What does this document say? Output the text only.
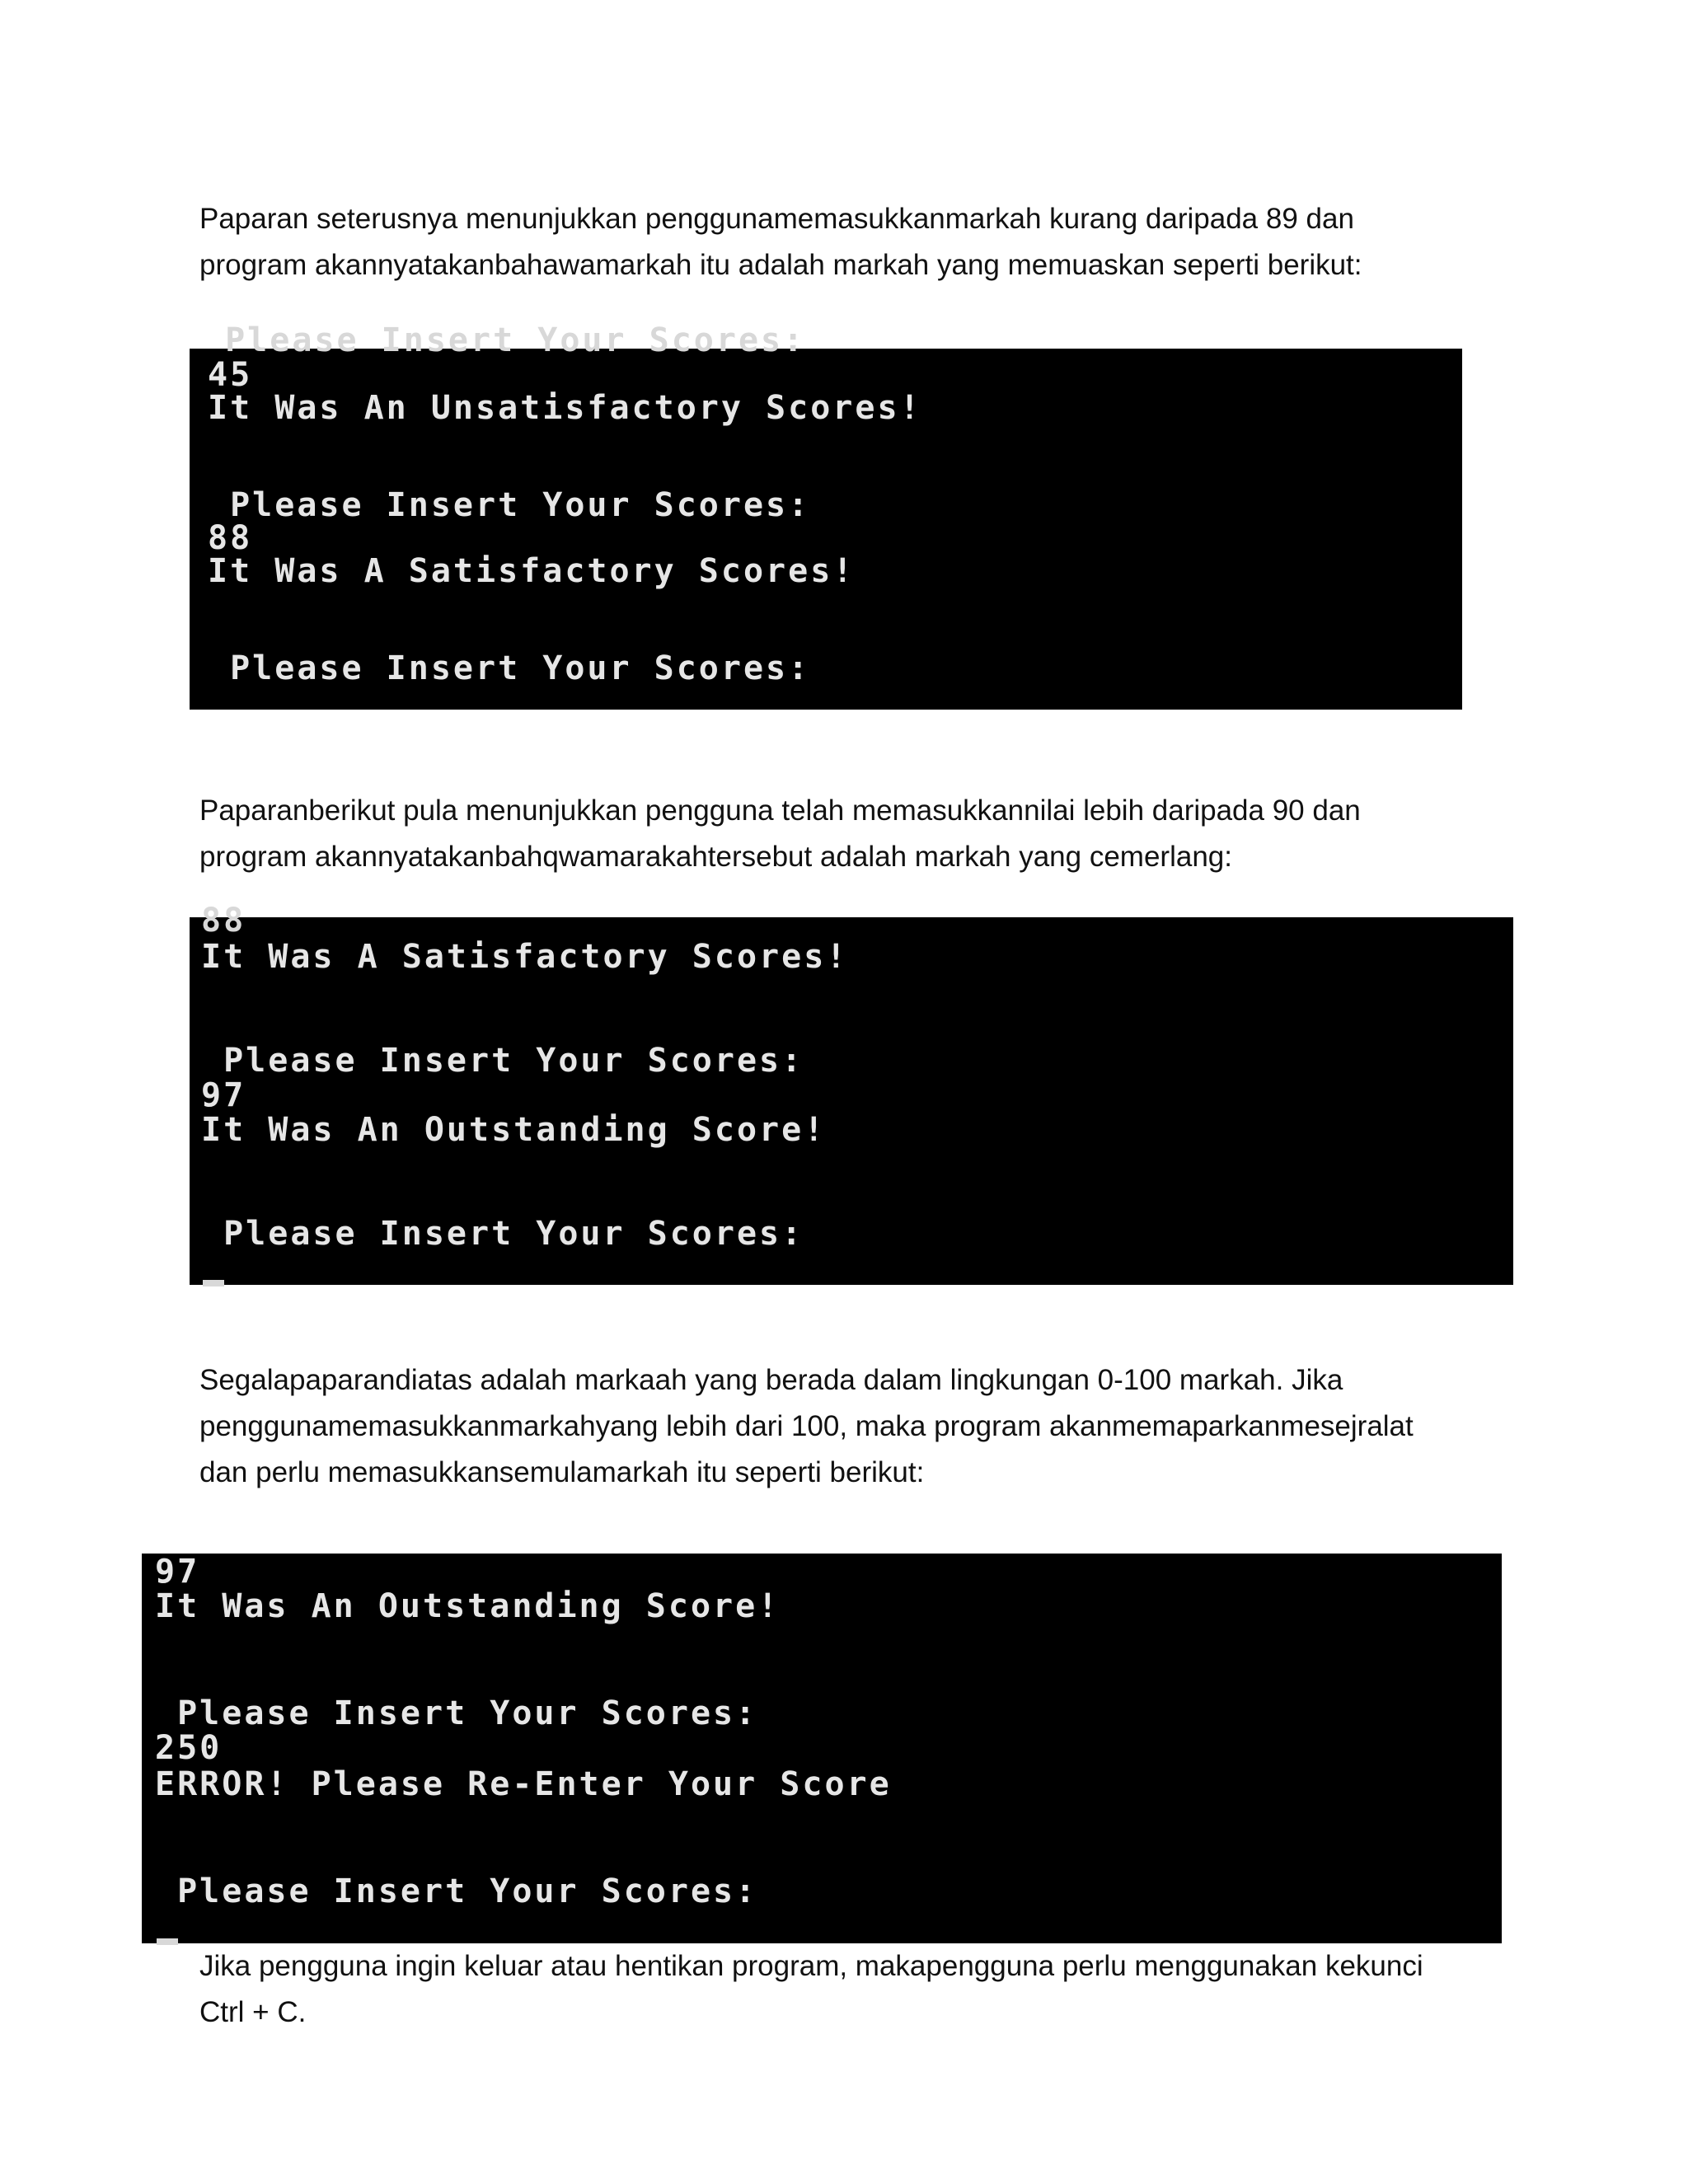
Paparan seterusnya menunjukkan penggunamemasukkanmarkah kurang daripada 89 dan
program akannyatakanbahawamarkah itu adalah markah yang memuaskan seperti berikut:
Please Insert Your Scores:
45
It Was An Unsatisfactory Scores!
Please Insert Your Scores:
88
It Was A Satisfactory Scores!
Please Insert Your Scores:
Paparanberikut pula menunjukkan pengguna telah memasukkannilai lebih daripada 90 dan
program akannyatakanbahqwamarakahtersebut adalah markah yang cemerlang:
88
It Was A Satisfactory Scores!
Please Insert Your Scores:
97
It Was An Outstanding Score!
Please Insert Your Scores:
Segalapaparandiatas adalah markaah yang berada dalam lingkungan 0-100 markah. Jika
penggunamemasukkanmarkahyang lebih dari 100, maka program akanmemaparkanmesejralat
dan perlu memasukkansemulamarkah itu seperti berikut:
97
It Was An Outstanding Score!
Please Insert Your Scores:
250
ERROR! Please Re-Enter Your Score
Please Insert Your Scores:
Jika pengguna ingin keluar atau hentikan program, makapengguna perlu menggunakan kekunci
Ctrl + C.
